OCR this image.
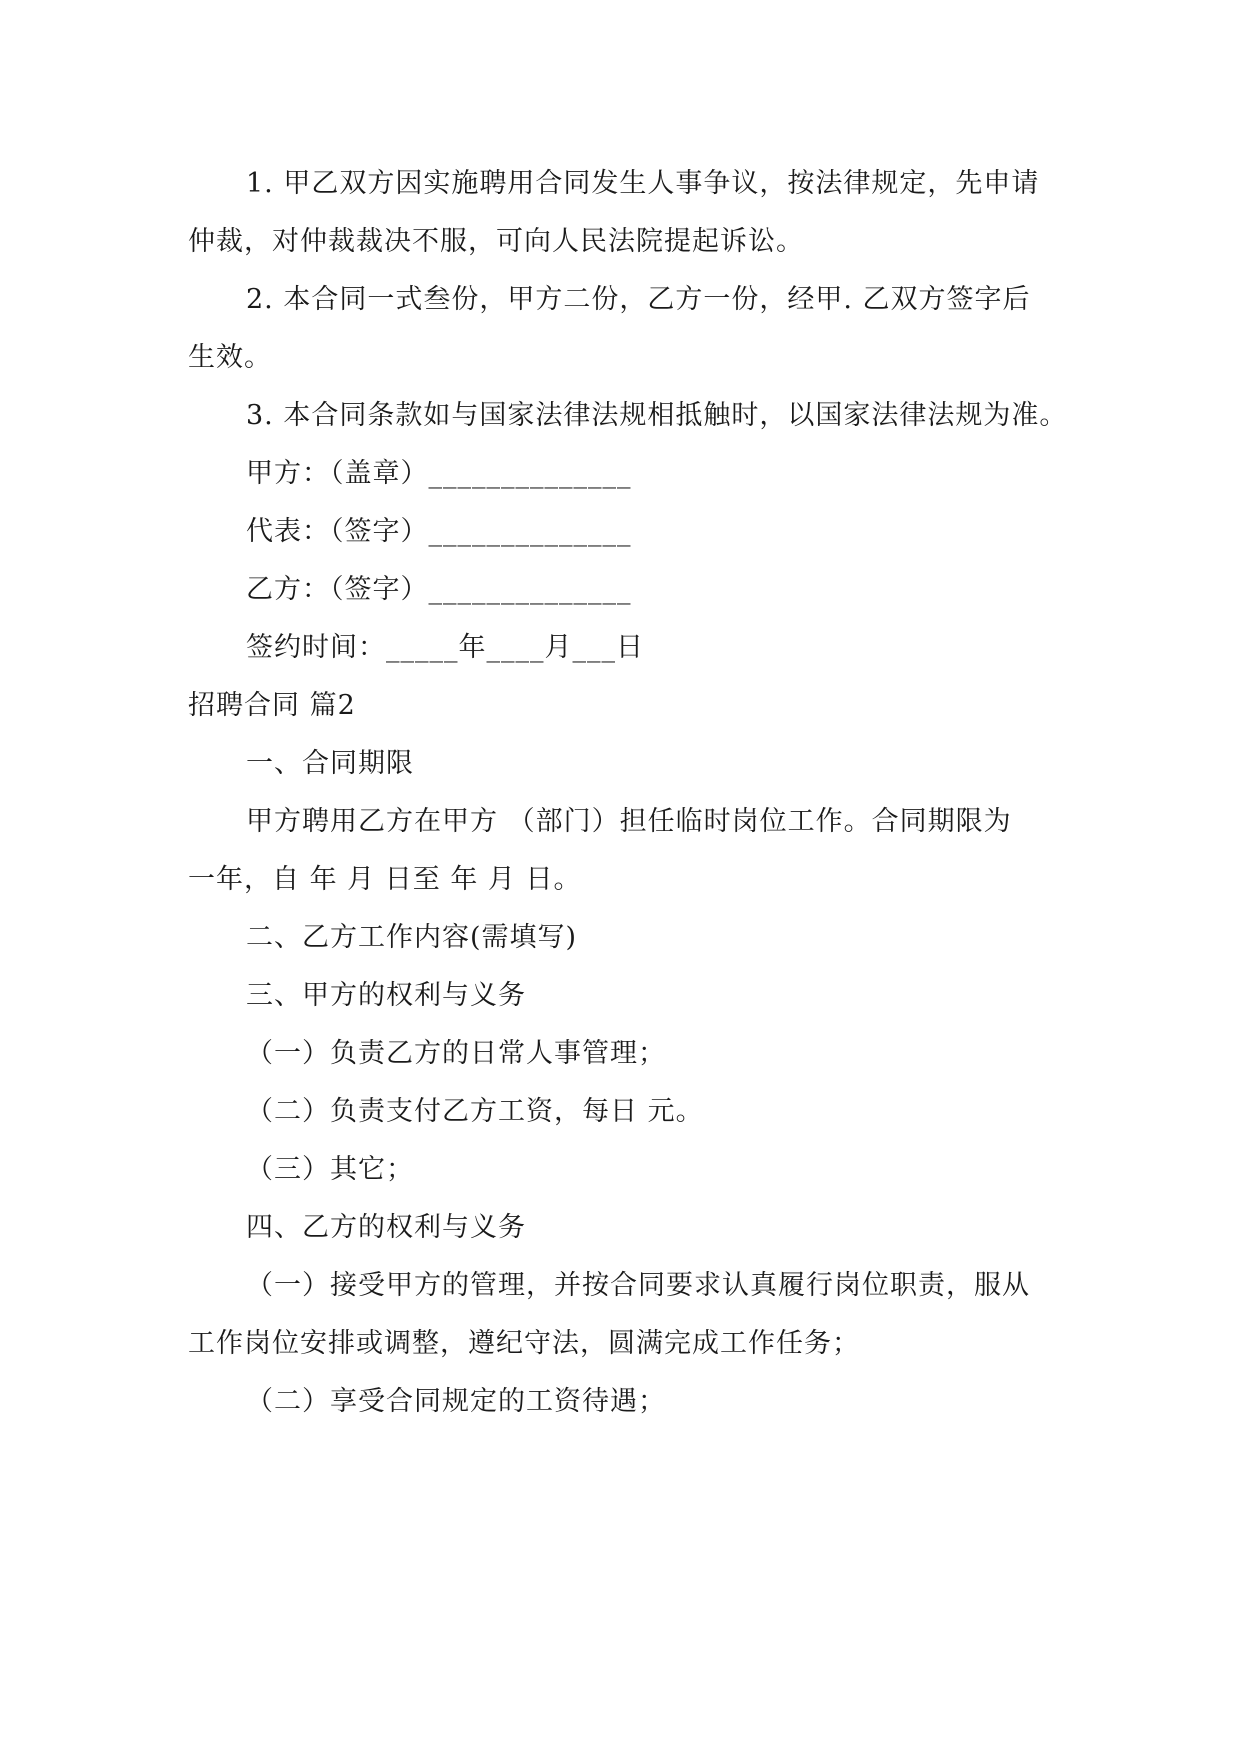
1. 甲乙双方因实施聘用合同发生人事争议，按法律规定，先申请
仲裁，对仲裁裁决不服，可向人民法院提起诉讼。
2. 本合同一式叁份，甲方二份，乙方一份，经甲. 乙双方签字后
生效。
3. 本合同条款如与国家法律法规相抵触时，以国家法律法规为准。
甲方：（盖章）______________
代表：（签字）______________
乙方：（签字）______________
签约时间：_____年____月___日
招聘合同 篇2
一、合同期限
甲方聘用乙方在甲方 （部门）担任临时岗位工作。合同期限为
一年，自 年 月 日至 年 月 日。
二、乙方工作内容(需填写)
三、甲方的权利与义务
（一）负责乙方的日常人事管理；
（二）负责支付乙方工资，每日 元。
（三）其它；
四、乙方的权利与义务
（一）接受甲方的管理，并按合同要求认真履行岗位职责，服从
工作岗位安排或调整，遵纪守法，圆满完成工作任务；
（二）享受合同规定的工资待遇；
